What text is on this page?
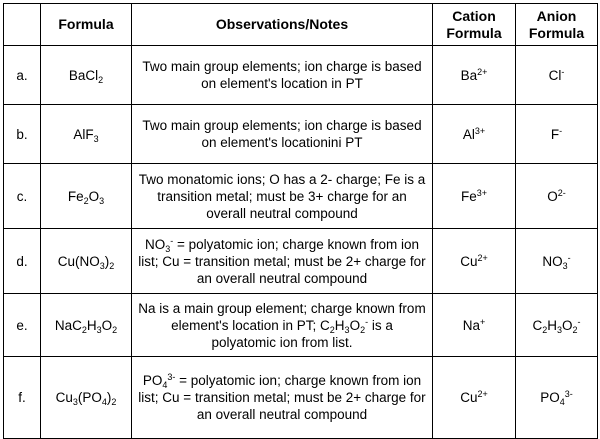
	Formula	Observations/Notes	Cation Formula	Anion Formula
a.	BaCl$_2$	Two main group elements; ion charge is based on element's location in PT	$Ba^{2+}$	Cl-
b.	AlF$_3$	Two main group elements; ion charge is based on element's locationini PT	$Al^{3+}$	F-
c.	$Fe_2O_3$	Two monatomic ions; O has a 2- charge; Fe is a transition metal; must be 3+ charge for an overall neutral compound	$Fe^{3+}$	$O^{2-}$
d.	$Cu(NO_3)_2$	$NO_3^-$ = polyatomic ion; charge known from ion list; Cu = transition metal; must be 2+ charge for an overall neutral compound	$Cu^{2+}$	$NO_3^-$
e.	$NaC_2H_3O_2$	Na is a main group element; charge known from element's location in PT; $C_2H_3O_2^-$ is a polyatomic ion from list.	Na+	$C_2H_3O_2^-$
f.	$Cu_3(PO_4)_2$	$PO_4^{3-}$ = polyatomic ion; charge known from ion list; Cu = transition metal; must be 2+ charge for an overall neutral compound	$Cu^{2+}$	$PO_4^{3-}$
